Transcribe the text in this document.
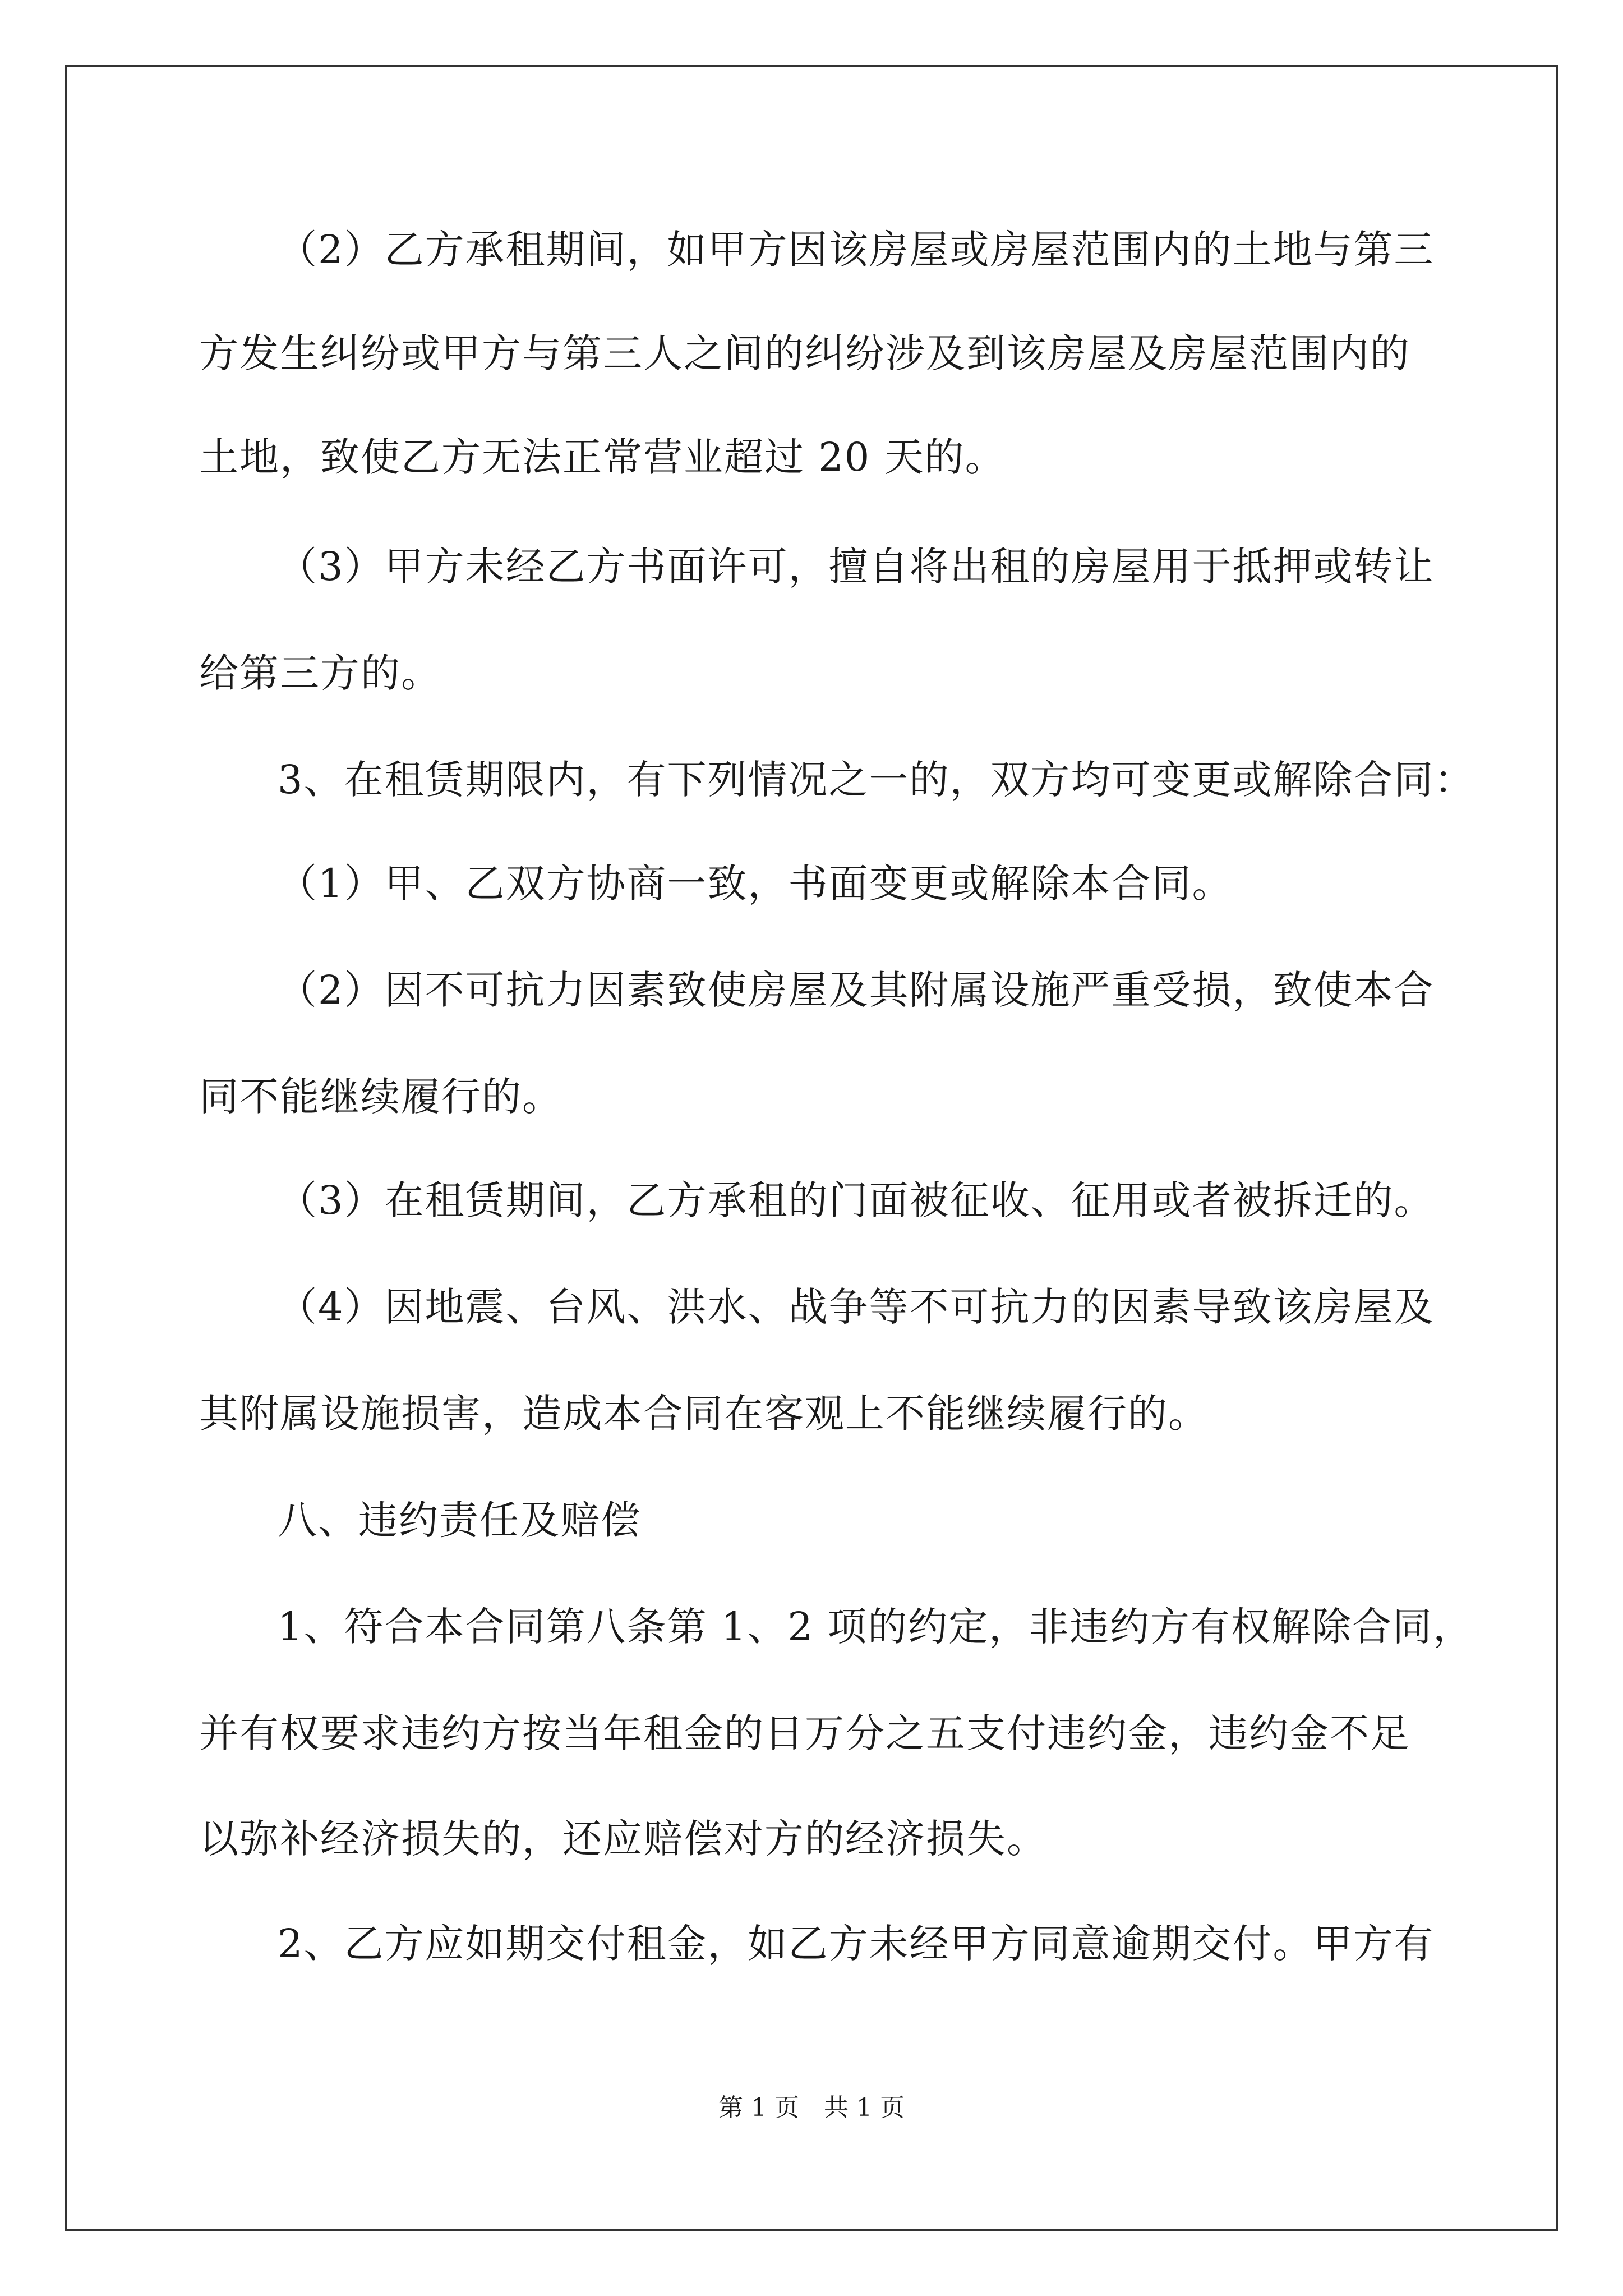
（2）乙方承租期间，如甲方因该房屋或房屋范围内的土地与第三
方发生纠纷或甲方与第三人之间的纠纷涉及到该房屋及房屋范围内的
土地，致使乙方无法正常营业超过 20 天的。
（3）甲方未经乙方书面许可，擅自将出租的房屋用于抵押或转让
给第三方的。
3、在租赁期限内，有下列情况之一的，双方均可变更或解除合同：
（1）甲、乙双方协商一致，书面变更或解除本合同。
（2）因不可抗力因素致使房屋及其附属设施严重受损，致使本合
同不能继续履行的。
（3）在租赁期间，乙方承租的门面被征收、征用或者被拆迁的。
（4）因地震、台风、洪水、战争等不可抗力的因素导致该房屋及
其附属设施损害，造成本合同在客观上不能继续履行的。
八、违约责任及赔偿
1、符合本合同第八条第 1、2 项的约定，非违约方有权解除合同，
并有权要求违约方按当年租金的日万分之五支付违约金，违约金不足
以弥补经济损失的，还应赔偿对方的经济损失。
2、乙方应如期交付租金，如乙方未经甲方同意逾期交付。甲方有
第 1 页　共 1 页
